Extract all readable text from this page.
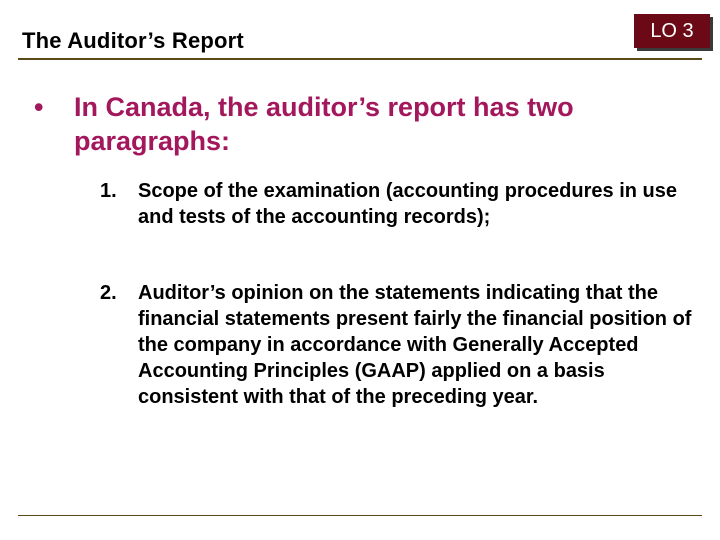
The Auditor’s Report	LO 3
•	In Canada, the auditor’s report has two paragraphs:
1. Scope of the examination (accounting procedures in use and tests of the accounting records);
2. Auditor’s opinion on the statements indicating that the financial statements present fairly the financial position of the company in accordance with Generally Accepted Accounting Principles (GAAP) applied on a basis consistent with that of the preceding year.
